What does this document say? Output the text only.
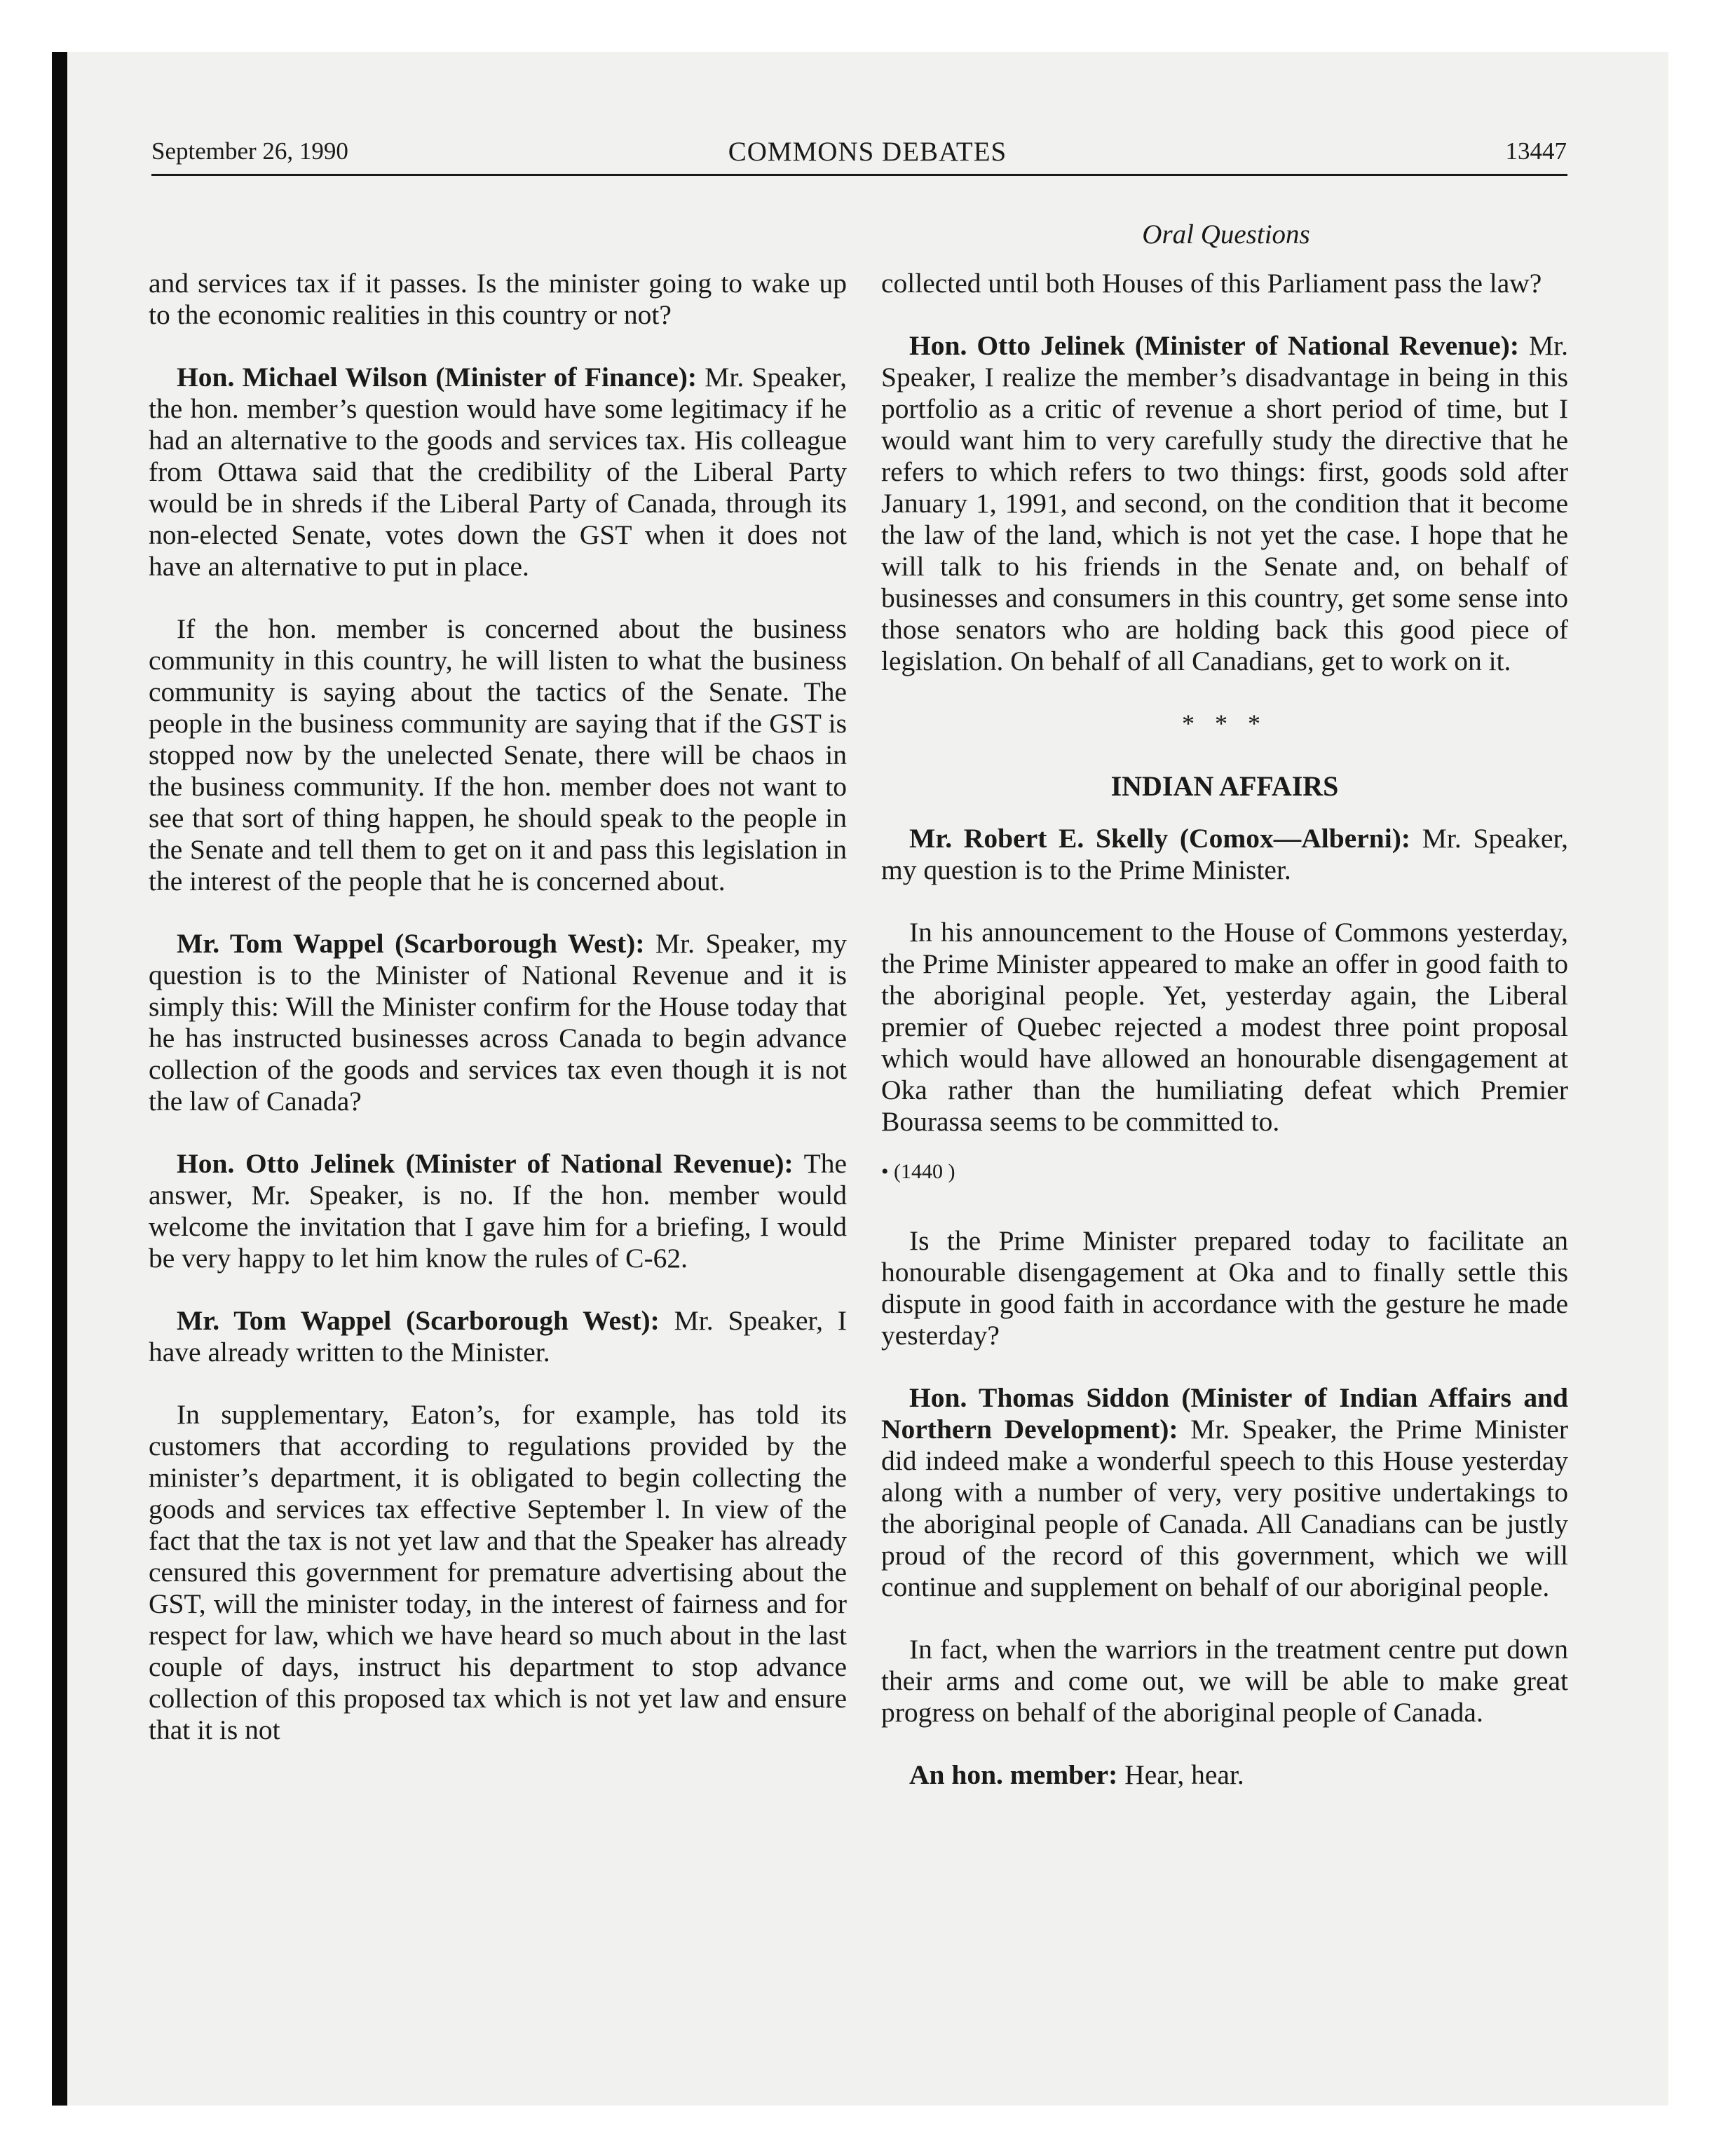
September 26, 1990	COMMONS DEBATES	13447
Oral Questions

and services tax if it passes. Is the minister going to wake up to the economic realities in this country or not?

Hon. Michael Wilson (Minister of Finance): Mr. Speaker, the hon. member’s question would have some legitimacy if he had an alternative to the goods and services tax. His colleague from Ottawa said that the credibility of the Liberal Party would be in shreds if the Liberal Party of Canada, through its non-elected Senate, votes down the GST when it does not have an alternative to put in place.

If the hon. member is concerned about the business community in this country, he will listen to what the business community is saying about the tactics of the Senate. The people in the business community are saying that if the GST is stopped now by the unelected Senate, there will be chaos in the business community. If the hon. member does not want to see that sort of thing happen, he should speak to the people in the Senate and tell them to get on it and pass this legislation in the interest of the people that he is concerned about.

Mr. Tom Wappel (Scarborough West): Mr. Speaker, my question is to the Minister of National Revenue and it is simply this: Will the Minister confirm for the House today that he has instructed businesses across Canada to begin advance collection of the goods and services tax even though it is not the law of Canada?

Hon. Otto Jelinek (Minister of National Revenue): The answer, Mr. Speaker, is no. If the hon. member would welcome the invitation that I gave him for a briefing, I would be very happy to let him know the rules of C-62.

Mr. Tom Wappel (Scarborough West): Mr. Speaker, I have already written to the Minister.

In supplementary, Eaton’s, for example, has told its customers that according to regulations provided by the minister’s department, it is obligated to begin collecting the goods and services tax effective September l. In view of the fact that the tax is not yet law and that the Speaker has already censured this government for premature advertising about the GST, will the minister today, in the interest of fairness and for respect for law, which we have heard so much about in the last couple of days, instruct his department to stop advance collection of this proposed tax which is not yet law and ensure that it is not

collected until both Houses of this Parliament pass the law?

Hon. Otto Jelinek (Minister of National Revenue): Mr. Speaker, I realize the member’s disadvantage in being in this portfolio as a critic of revenue a short period of time, but I would want him to very carefully study the directive that he refers to which refers to two things: first, goods sold after January 1, 1991, and second, on the condition that it become the law of the land, which is not yet the case. I hope that he will talk to his friends in the Senate and, on behalf of businesses and consumers in this country, get some sense into those senators who are holding back this good piece of legislation. On behalf of all Canadians, get to work on it.

* * *
INDIAN AFFAIRS

Mr. Robert E. Skelly (Comox—Alberni): Mr. Speaker, my question is to the Prime Minister.

In his announcement to the House of Commons yesterday, the Prime Minister appeared to make an offer in good faith to the aboriginal people. Yet, yesterday again, the Liberal premier of Quebec rejected a modest three point proposal which would have allowed an honourable disengagement at Oka rather than the humiliating defeat which Premier Bourassa seems to be committed to.

• (1440 )

Is the Prime Minister prepared today to facilitate an honourable disengagement at Oka and to finally settle this dispute in good faith in accordance with the gesture he made yesterday?

Hon. Thomas Siddon (Minister of Indian Affairs and Northern Development): Mr. Speaker, the Prime Minister did indeed make a wonderful speech to this House yesterday along with a number of very, very positive undertakings to the aboriginal people of Canada. All Canadians can be justly proud of the record of this government, which we will continue and supplement on behalf of our aboriginal people.

In fact, when the warriors in the treatment centre put down their arms and come out, we will be able to make great progress on behalf of the aboriginal people of Canada.

An hon. member: Hear, hear.
